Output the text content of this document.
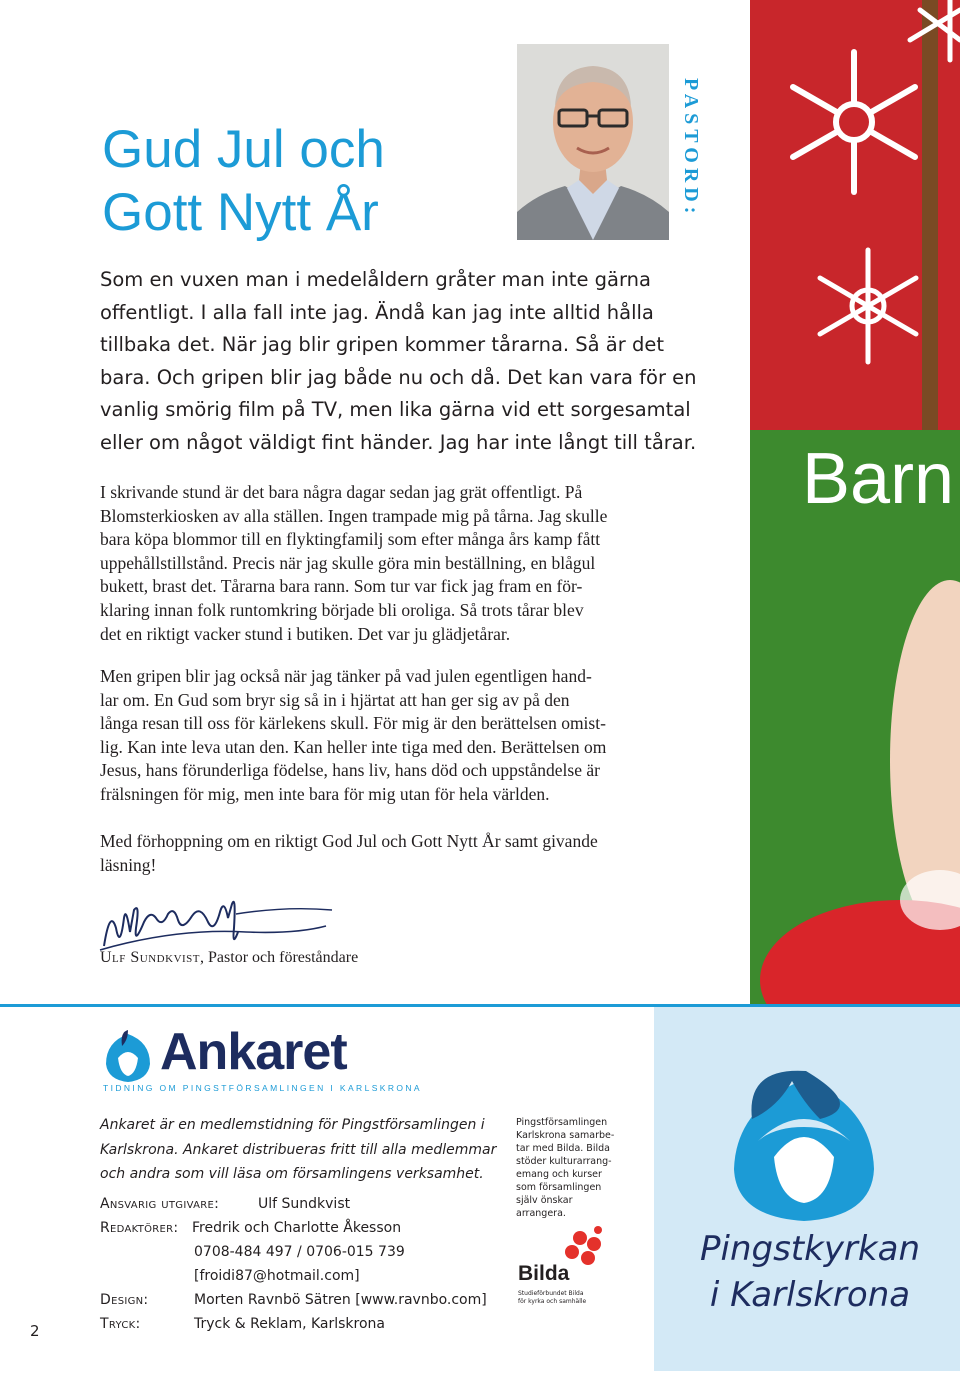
Gud Jul och
Gott Nytt År	PASTORD:
Som en vuxen man i medelåldern gråter man inte gärna
offentligt. I alla fall inte jag. Ändå kan jag inte alltid hålla
tillbaka det. När jag blir gripen kommer tårarna. Så är det
bara. Och gripen blir jag både nu och då. Det kan vara för en
vanlig smörig film på TV, men lika gärna vid ett sorgesamtal
eller om något väldigt fint händer. Jag har inte långt till tårar.
I skrivande stund är det bara några dagar sedan jag grät offentligt. På
Blomsterkiosken av alla ställen. Ingen trampade mig på tårna. Jag skulle
bara köpa blommor till en flyktingfamilj som efter många års kamp fått
uppehållstillstånd. Precis när jag skulle göra min beställning, en blågul
bukett, brast det. Tårarna bara rann. Som tur var fick jag fram en för-
klaring innan folk runtomkring började bli oroliga. Så trots tårar blev
det en riktigt vacker stund i butiken. Det var ju glädjetårar.
Men gripen blir jag också när jag tänker på vad julen egentligen hand-
lar om. En Gud som bryr sig så in i hjärtat att han ger sig av på den
långa resan till oss för kärlekens skull. För mig är den berättelsen omist-
lig. Kan inte leva utan den. Kan heller inte tiga med den. Berättelsen om
Jesus, hans förunderliga födelse, hans liv, hans död och uppståndelse är
frälsningen för mig, men inte bara för mig utan för hela världen.
Med förhoppning om en riktigt God Jul och Gott Nytt År samt givande
läsning!
Ulf Sundkvist, Pastor och föreståndare
Barn
Pingstkyrkan
i Karlskrona
Ankaret
TIDNING OM PINGSTFÖRSAMLINGEN I KARLSKRONA
Ankaret är en medlemstidning för Pingstförsamlingen i
Karlskrona. Ankaret distribueras fritt till alla medlemmar
och andra som vill läsa om församlingens verksamhet.
Ansvarig utgivare:	Ulf Sundkvist
Redaktörer: Fredrik och Charlotte Åkesson
0708-484 497 / 0706-015 739
[froidi87@hotmail.com]
Design:	Morten Ravnbö Sätren [www.ravnbo.com]
Tryck:	Tryck & Reklam, Karlskrona
Pingstförsamlingen
Karlskrona samarbe-
tar med Bilda. Bilda
stöder kulturarrang-
emang och kurser
som församlingen
själv önskar
arrangera.
Bilda
Studieförbundet Bilda
för kyrka och samhälle
2
